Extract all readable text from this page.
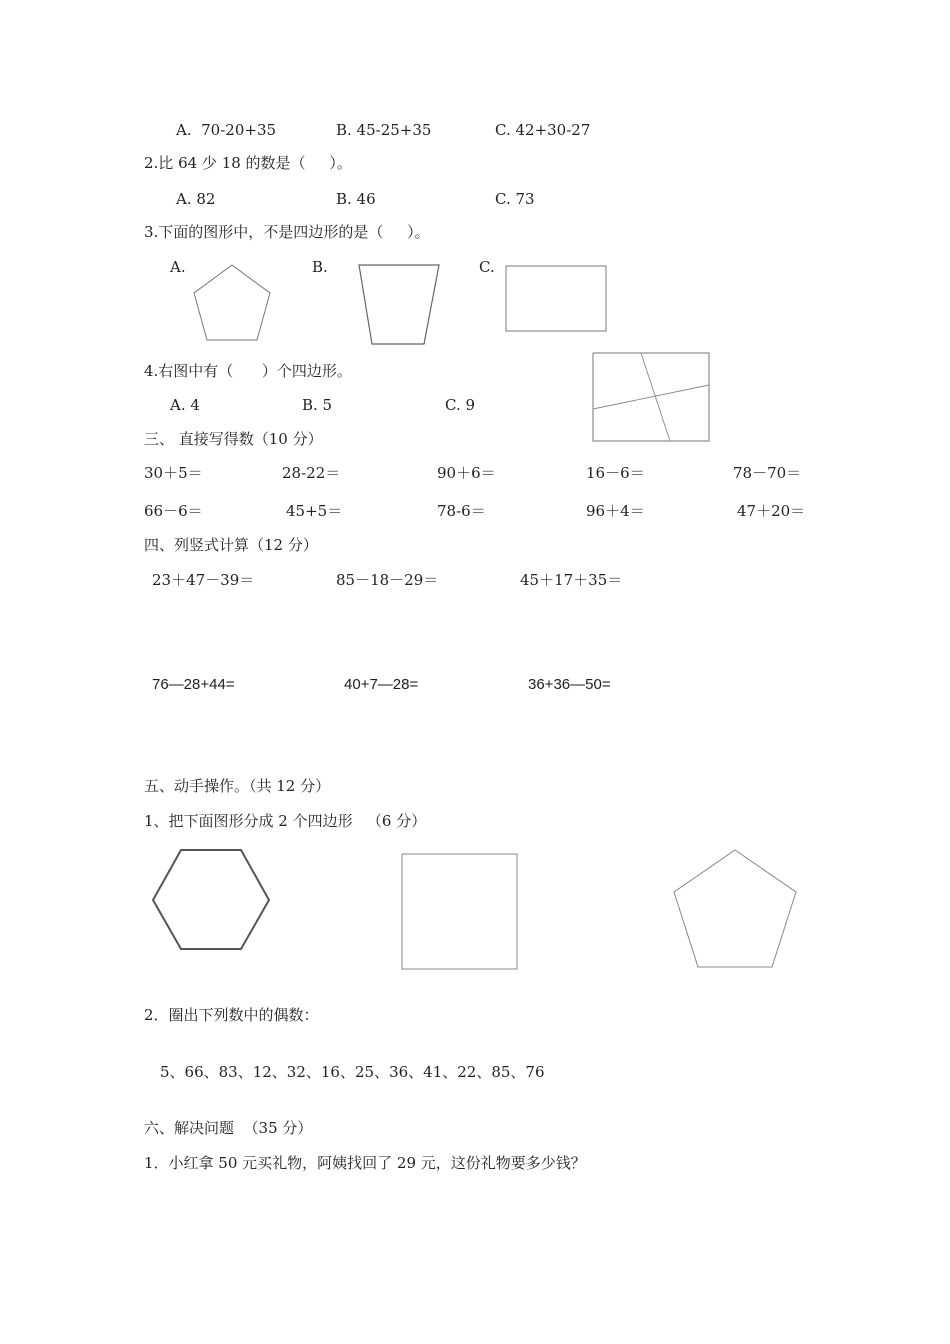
A.  70-20+35	B. 45-25+35	C. 42+30-27
2.比 64 少 18 的数是（     ）。
A. 82	B. 46	C. 73
3.下面的图形中，不是四边形的是（     ）。
A.	B.	C.
4.右图中有（      ）个四边形。
A. 4	B. 5	C. 9
三、 直接写得数（10 分）
30＋5＝	28-22＝	90＋6＝	16－6＝	78－70＝
66－6＝	45+5＝	78-6＝	96＋4＝	47＋20＝
四、列竖式计算（12 分）
23＋47－39＝	85－18－29＝	45＋17＋35＝
76—28+44=	40+7—28=	36+36—50=
五、动手操作。（共 12 分）
1、把下面图形分成 2 个四边形   （6 分）
2．圈出下列数中的偶数：
5、66、83、12、32、16、25、36、41、22、85、76
六、解决问题  （35 分）
1．小红拿 50 元买礼物，阿姨找回了 29 元，这份礼物要多少钱？
